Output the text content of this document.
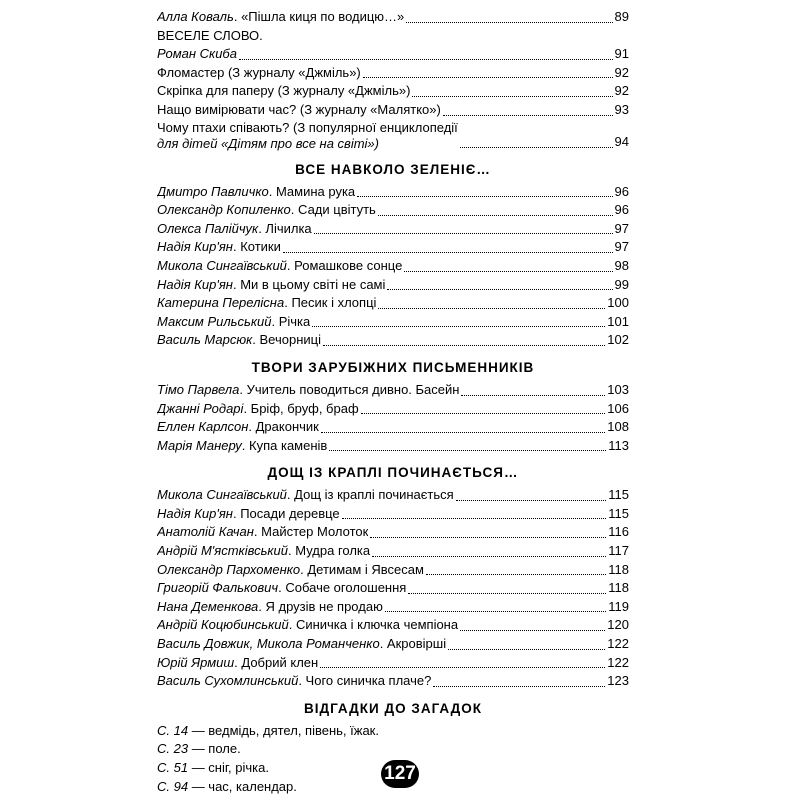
Алла Коваль. «Пішла киця по водицю…»	89
ВЕСЕЛЕ СЛОВО.
Роман Скиба	91
Фломастер (З журналу «Джміль»)	92
Скріпка для паперу (З журналу «Джміль»)	92
Нащо вимірювати час? (З журналу «Малятко»)	93
Чому птахи співають? (З популярної енциклопедії
для дітей «Дітям про все на світі»)	94
ВСЕ НАВКОЛО ЗЕЛЕНІЄ…
Дмитро Павличко. Мамина рука	96
Олександр Копиленко. Сади цвітуть	96
Олекса Палійчук. Лічилка	97
Надія Кир'ян. Котики	97
Микола Сингаївський. Ромашкове сонце	98
Надія Кир'ян. Ми в цьому світі не самі	99
Катерина Перелісна. Песик і хлопці	100
Максим Рильський. Річка	101
Василь Марсюк. Вечорниці	102
ТВОРИ ЗАРУБІЖНИХ ПИСЬМЕННИКІВ
Тімо Парвела. Учитель поводиться дивно. Басейн	103
Джанні Родарі. Бріф, бруф, браф	106
Еллен Карлсон. Дракончик	108
Марія Манеру. Купа каменів	113
ДОЩ ІЗ КРАПЛІ ПОЧИНАЄТЬСЯ…
Микола Сингаївський. Дощ із краплі починається	115
Надія Кир'ян. Посади деревце	115
Анатолій Качан. Майстер Молоток	116
Андрій М'ястківський. Мудра голка	117
Олександр Пархоменко. Детимам і Явсесам	118
Григорій Фалькович. Собаче оголошення	118
Нана Деменкова. Я друзів не продаю	119
Андрій Коцюбинський. Синичка і ключка чемпіона	120
Василь Довжик, Микола Романченко. Акровірші	122
Юрій Ярмиш. Добрий клен	122
Василь Сухомлинський. Чого синичка плаче?	123
ВІДГАДКИ ДО ЗАГАДОК
С. 14 — ведмідь, дятел, півень, їжак.
С. 23 — поле.
С. 51 — сніг, річка.
С. 94 — час, календар.
127
